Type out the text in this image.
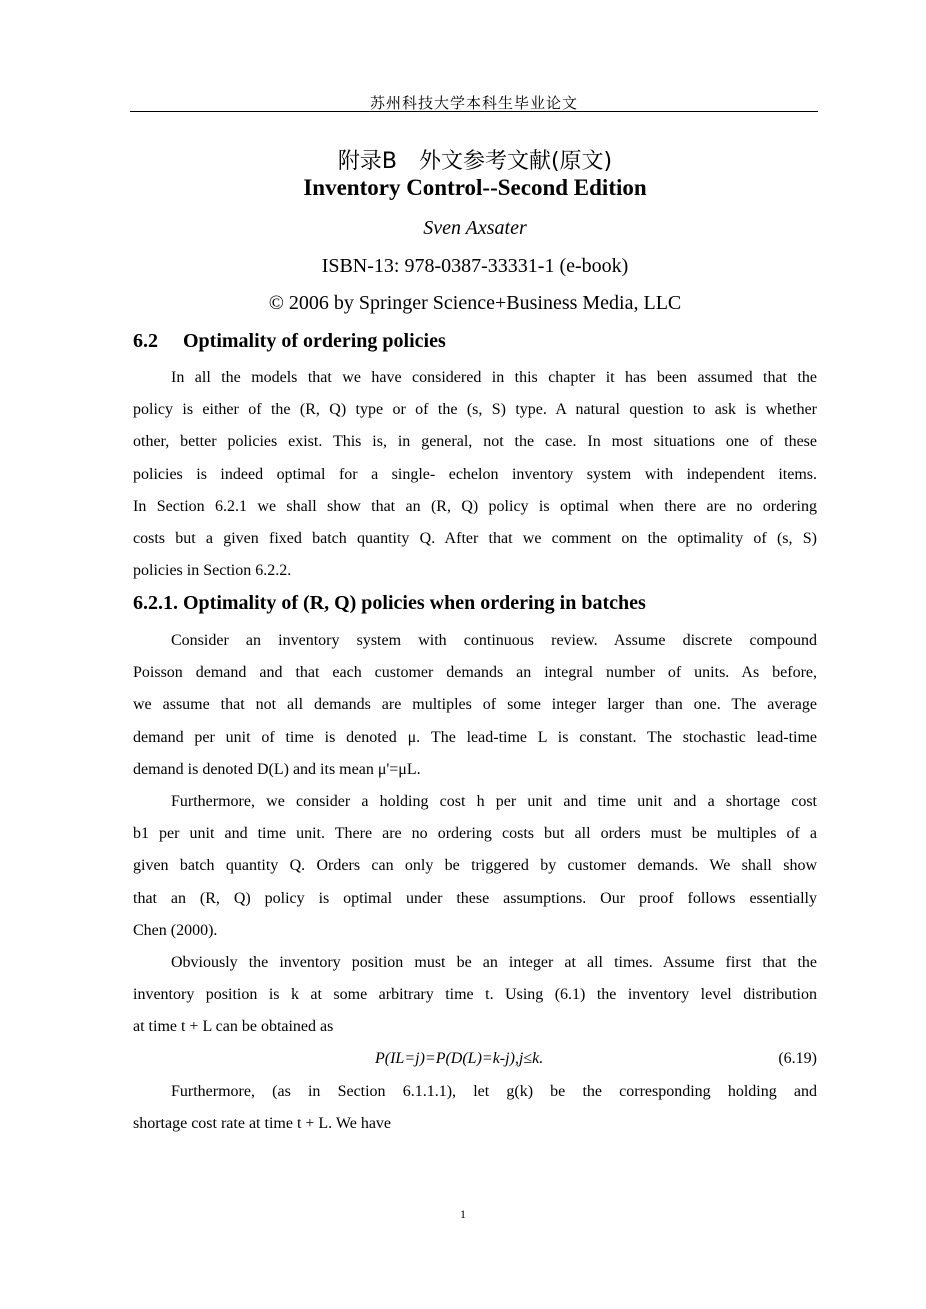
苏州科技大学本科生毕业论文
附录B　外文参考文献(原文)
Inventory Control--Second Edition
Sven Axsater
ISBN-13: 978-0387-33331-1 (e-book)
© 2006 by Springer Science+Business Media, LLC
6.2 Optimality of ordering policies
In all the models that we have considered in this chapter it has been assumed that the
policy is either of the (R, Q) type or of the (s, S) type. A natural question to ask is whether
other, better policies exist. This is, in general, not the case. In most situations one of these
policies is indeed optimal for a single- echelon inventory system with independent items.
In Section 6.2.1 we shall show that an (R, Q) policy is optimal when there are no ordering
costs but a given fixed batch quantity Q. After that we comment on the optimality of (s, S)
policies in Section 6.2.2.
6.2.1. Optimality of (R, Q) policies when ordering in batches
Consider an inventory system with continuous review. Assume discrete compound
Poisson demand and that each customer demands an integral number of units. As before,
we assume that not all demands are multiples of some integer larger than one. The average
demand per unit of time is denoted μ. The lead-time L is constant. The stochastic lead-time
demand is denoted D(L) and its mean μ'=μL.
Furthermore, we consider a holding cost h per unit and time unit and a shortage cost
b1 per unit and time unit. There are no ordering costs but all orders must be multiples of a
given batch quantity Q. Orders can only be triggered by customer demands. We shall show
that an (R, Q) policy is optimal under these assumptions. Our proof follows essentially
Chen (2000).
Obviously the inventory position must be an integer at all times. Assume first that the
inventory position is k at some arbitrary time t. Using (6.1) the inventory level distribution
at time t + L can be obtained as
P(IL=j)=P(D(L)=k-j),j≤k.	(6.19)
Furthermore, (as in Section 6.1.1.1), let g(k) be the corresponding holding and
shortage cost rate at time t + L. We have
1
